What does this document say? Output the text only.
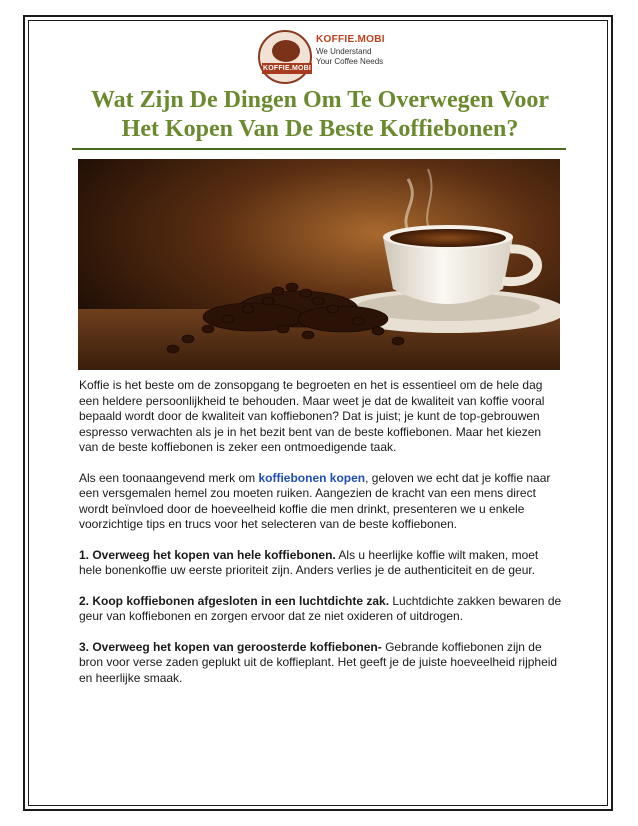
KOFFIE.MOBI
KOFFIE.MOBI
We Understand
Your Coffee Needs
Wat Zijn De Dingen Om Te Overwegen Voor
Het Kopen Van De Beste Koffiebonen?

Koffie is het beste om de zonsopgang te begroeten en het is essentieel om de hele dag een heldere persoonlijkheid te behouden. Maar weet je dat de kwaliteit van koffie vooral bepaald wordt door de kwaliteit van koffiebonen? Dat is juist; je kunt de top-gebrouwen espresso verwachten als je in het bezit bent van de beste koffiebonen. Maar het kiezen van de beste koffiebonen is zeker een ontmoedigende taak.

Als een toonaangevend merk om koffiebonen kopen, geloven we echt dat je koffie naar een versgemalen hemel zou moeten ruiken. Aangezien de kracht van een mens direct wordt beïnvloed door de hoeveelheid koffie die men drinkt, presenteren we u enkele voorzichtige tips en trucs voor het selecteren van de beste koffiebonen.

1. Overweeg het kopen van hele koffiebonen. Als u heerlijke koffie wilt maken, moet hele bonenkoffie uw eerste prioriteit zijn. Anders verlies je de authenticiteit en de geur.

2. Koop koffiebonen afgesloten in een luchtdichte zak. Luchtdichte zakken bewaren de geur van koffiebonen en zorgen ervoor dat ze niet oxideren of uitdrogen.

3. Overweeg het kopen van geroosterde koffiebonen- Gebrande koffiebonen zijn de bron voor verse zaden geplukt uit de koffieplant. Het geeft je de juiste hoeveelheid rijpheid en heerlijke smaak.
